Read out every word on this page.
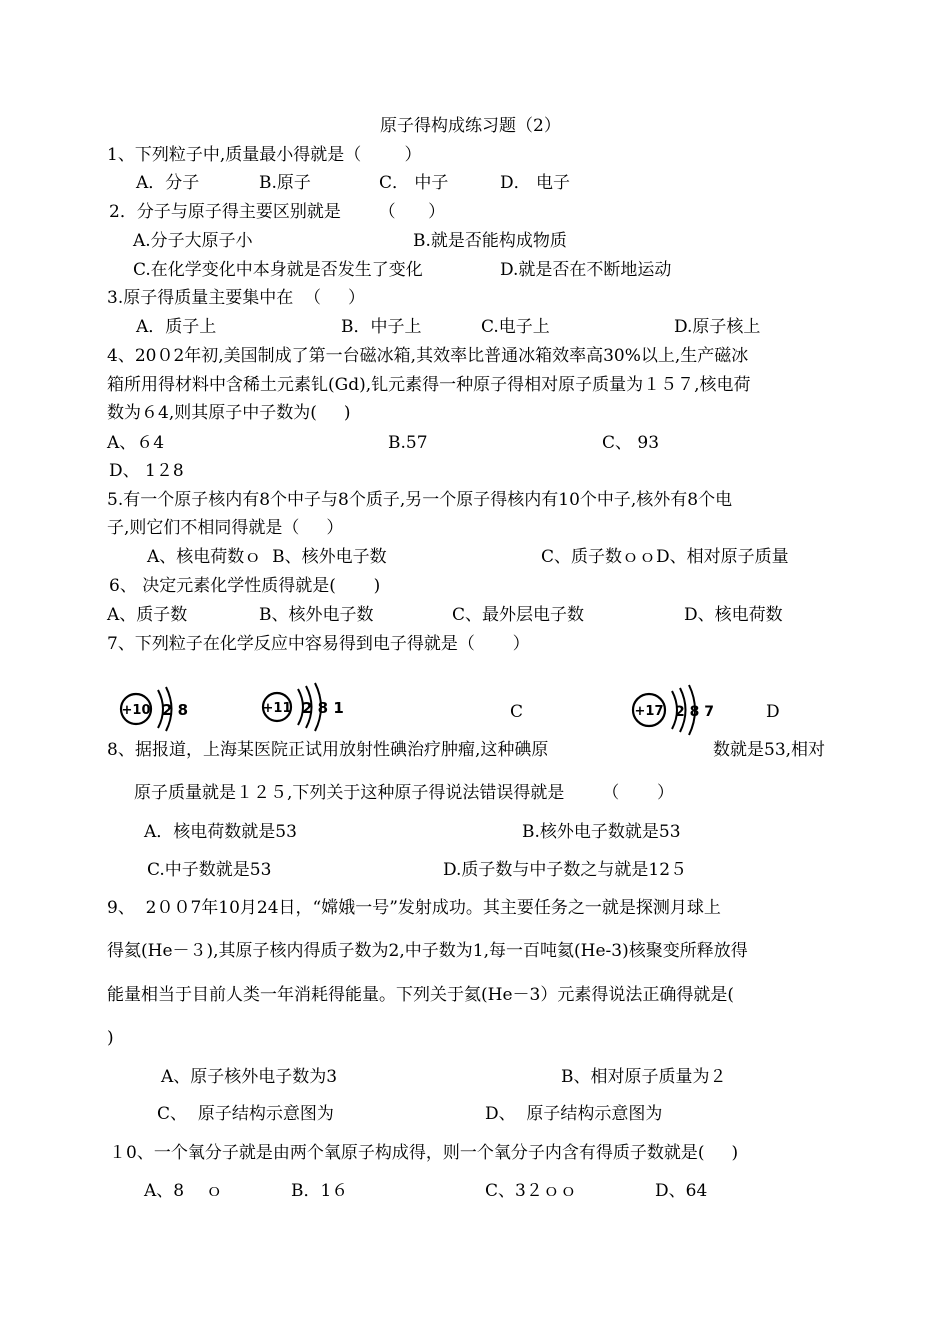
原子得构成练习题（2）
1、下列粒子中,质量最小得就是（        ）
A．分子	B.原子	C． 中子	D． 电子
2．分子与原子得主要区别就是       （      ）
A.分子大原子小	B.就是否能构成物质
C.在化学变化中本身就是否发生了变化	D.就是否在不断地运动
3.原子得质量主要集中在  （     ）
A．质子上	B．中子上	C.电子上	D.原子核上
4、20０2年初,美国制成了第一台磁冰箱,其效率比普通冰箱效率高30%以上,生产磁冰
箱所用得材料中含稀土元素钆(Gd),钆元素得一种原子得相对原子质量为１５７,核电荷
数为６4,则其原子中子数为(     )
A、６4	B.57	C、 93
D、 1２8
5.有一个原子核内有8个中子与8个质子,另一个原子得核内有10个中子,核外有8个电
子,则它们不相同得就是（     ）
A、核电荷数ｏ  B、核外电子数	C、质子数ｏｏD、相对原子质量
6、 决定元素化学性质得就是(       )
A、质子数	B、核外电子数	C、最外层电子数	D、核电荷数
7、下列粒子在化学反应中容易得到电子得就是（       ）
+10 2 8	+11 2 8 1	C	+17 2 8 7	D
8、 据报道，上海某医院正试用放射性碘治疗肿瘤,这种碘原	数就是53,相对
原子质量就是１２５,下列关于这种原子得说法错误得就是       （       ）
A．核电荷数就是53	B.核外电子数就是53
C.中子数就是53	D.质子数与中子数之与就是12５
9、  2００7年10月24日，“嫦娥一号”发射成功。其主要任务之一就是探测月球上
得氦(He－３),其原子核内得质子数为2,中子数为1,每一百吨氦(He-3)核聚变所释放得
能量相当于目前人类一年消耗得能量。下列关于氦(He－3）元素得说法正确得就是(
)
A、原子核外电子数为3	B、相对原子质量为２
C、  原子结构示意图为	D、  原子结构示意图为
１0、一个氧分子就是由两个氧原子构成得，则一个氧分子内含有得质子数就是(     )
A、8    ｏ	B．1６	C、3２ｏｏ	D、64
